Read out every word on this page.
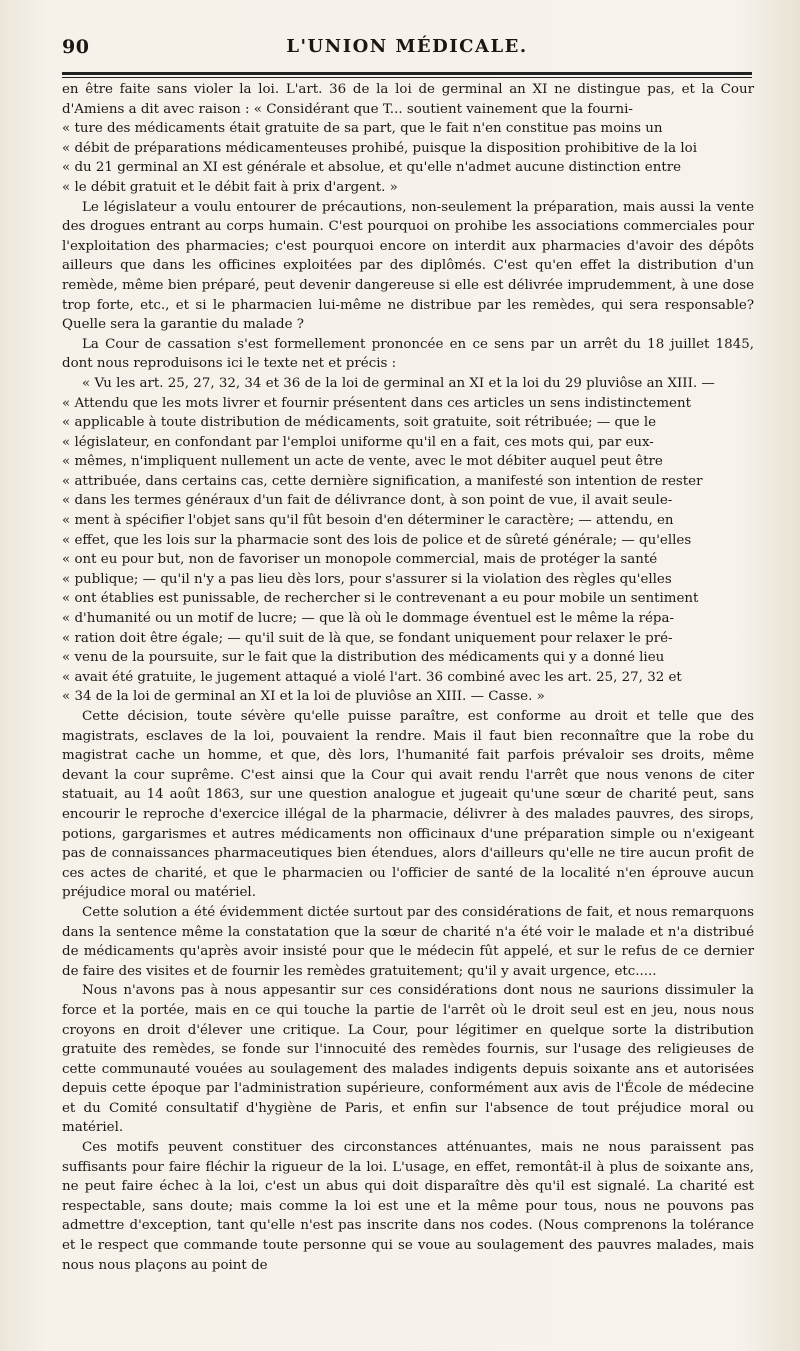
90	L'UNION MÉDICALE.

en être faite sans violer la loi. L'art. 36 de la loi de germinal an XI ne distingue pas, et la Cour d'Amiens a dit avec raison : « Considérant que T... soutient vainement que la fourni-

« ture des médicaments était gratuite de sa part, que le fait n'en constitue pas moins un

« débit de préparations médicamenteuses prohibé, puisque la disposition prohibitive de la loi

« du 21 germinal an XI est générale et absolue, et qu'elle n'admet aucune distinction entre

« le débit gratuit et le débit fait à prix d'argent. »

Le législateur a voulu entourer de précautions, non-seulement la préparation, mais aussi la vente des drogues entrant au corps humain. C'est pourquoi on prohibe les associations commerciales pour l'exploitation des pharmacies; c'est pourquoi encore on interdit aux pharmacies d'avoir des dépôts ailleurs que dans les officines exploitées par des diplômés. C'est qu'en effet la distribution d'un remède, même bien préparé, peut devenir dangereuse si elle est délivrée imprudemment, à une dose trop forte, etc., et si le pharmacien lui-même ne distribue par les remèdes, qui sera responsable? Quelle sera la garantie du malade ?

La Cour de cassation s'est formellement prononcée en ce sens par un arrêt du 18 juillet 1845, dont nous reproduisons ici le texte net et précis :

« Vu les art. 25, 27, 32, 34 et 36 de la loi de germinal an XI et la loi du 29 pluviôse an XIII. —

« Attendu que les mots livrer et fournir présentent dans ces articles un sens indistinctement

« applicable à toute distribution de médicaments, soit gratuite, soit rétribuée; — que le

« législateur, en confondant par l'emploi uniforme qu'il en a fait, ces mots qui, par eux-

« mêmes, n'impliquent nullement un acte de vente, avec le mot débiter auquel peut être

« attribuée, dans certains cas, cette dernière signification, a manifesté son intention de rester

« dans les termes généraux d'un fait de délivrance dont, à son point de vue, il avait seule-

« ment à spécifier l'objet sans qu'il fût besoin d'en déterminer le caractère; — attendu, en

« effet, que les lois sur la pharmacie sont des lois de police et de sûreté générale; — qu'elles

« ont eu pour but, non de favoriser un monopole commercial, mais de protéger la santé

« publique; — qu'il n'y a pas lieu dès lors, pour s'assurer si la violation des règles qu'elles

« ont établies est punissable, de rechercher si le contrevenant a eu pour mobile un sentiment

« d'humanité ou un motif de lucre; — que là où le dommage éventuel est le même la répa-

« ration doit être égale; — qu'il suit de là que, se fondant uniquement pour relaxer le pré-

« venu de la poursuite, sur le fait que la distribution des médicaments qui y a donné lieu

« avait été gratuite, le jugement attaqué a violé l'art. 36 combiné avec les art. 25, 27, 32 et

« 34 de la loi de germinal an XI et la loi de pluviôse an XIII. — Casse. »

Cette décision, toute sévère qu'elle puisse paraître, est conforme au droit et telle que des magistrats, esclaves de la loi, pouvaient la rendre. Mais il faut bien reconnaître que la robe du magistrat cache un homme, et que, dès lors, l'humanité fait parfois prévaloir ses droits, même devant la cour suprême. C'est ainsi que la Cour qui avait rendu l'arrêt que nous venons de citer statuait, au 14 août 1863, sur une question analogue et jugeait qu'une sœur de charité peut, sans encourir le reproche d'exercice illégal de la pharmacie, délivrer à des malades pauvres, des sirops, potions, gargarismes et autres médicaments non officinaux d'une préparation simple ou n'exigeant pas de connaissances pharmaceutiques bien étendues, alors d'ailleurs qu'elle ne tire aucun profit de ces actes de charité, et que le pharmacien ou l'officier de santé de la localité n'en éprouve aucun préjudice moral ou matériel.

Cette solution a été évidemment dictée surtout par des considérations de fait, et nous remarquons dans la sentence même la constatation que la sœur de charité n'a été voir le malade et n'a distribué de médicaments qu'après avoir insisté pour que le médecin fût appelé, et sur le refus de ce dernier de faire des visites et de fournir les remèdes gratuitement; qu'il y avait urgence, etc.....

Nous n'avons pas à nous appesantir sur ces considérations dont nous ne saurions dissimuler la force et la portée, mais en ce qui touche la partie de l'arrêt où le droit seul est en jeu, nous nous croyons en droit d'élever une critique. La Cour, pour légitimer en quelque sorte la distribution gratuite des remèdes, se fonde sur l'innocuité des remèdes fournis, sur l'usage des religieuses de cette communauté vouées au soulagement des malades indigents depuis soixante ans et autorisées depuis cette époque par l'administration supérieure, conformément aux avis de l'École de médecine et du Comité consultatif d'hygiène de Paris, et enfin sur l'absence de tout préjudice moral ou matériel.

Ces motifs peuvent constituer des circonstances atténuantes, mais ne nous paraissent pas suffisants pour faire fléchir la rigueur de la loi. L'usage, en effet, remontât-il à plus de soixante ans, ne peut faire échec à la loi, c'est un abus qui doit disparaître dès qu'il est signalé. La charité est respectable, sans doute; mais comme la loi est une et la même pour tous, nous ne pouvons pas admettre d'exception, tant qu'elle n'est pas inscrite dans nos codes. (Nous comprenons la tolérance et le respect que commande toute personne qui se voue au soulagement des pauvres malades, mais nous nous plaçons au point de
